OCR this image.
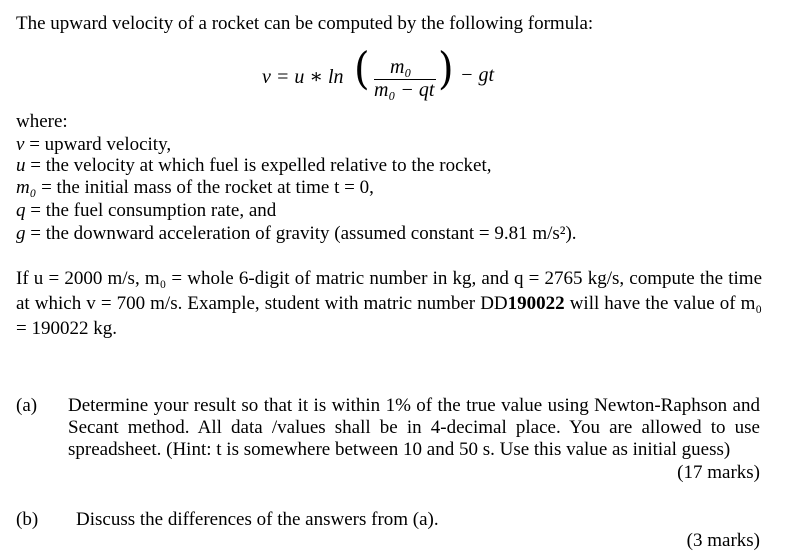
The upward velocity of a rocket can be computed by the following formula:
v = u ∗ ln ( m₀
m₀ − qt ) − gt
where:
v = upward velocity,
u = the velocity at which fuel is expelled relative to the rocket,
m₀ = the initial mass of the rocket at time t = 0,
q = the fuel consumption rate, and
g = the downward acceleration of gravity (assumed constant = 9.81 m/s²).
If u = 2000 m/s, m₀ = whole 6-digit of matric number in kg, and q = 2765 kg/s, compute the time at which v = 700 m/s. Example, student with matric number DD190022 will have the value of m₀ = 190022 kg.
(a) Determine your result so that it is within 1% of the true value using Newton-Raphson and Secant method. All data /values shall be in 4-decimal place. You are allowed to use spreadsheet. (Hint: t is somewhere between 10 and 50 s. Use this value as initial guess)
(17 marks)
(b) Discuss the differences of the answers from (a).
(3 marks)
